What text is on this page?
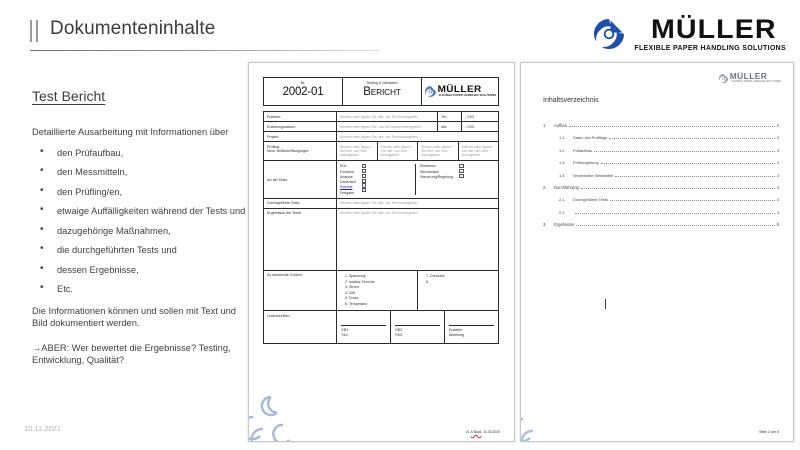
Dokumenteninhalte	MÜLLER
FLEXIBLE PAPER HANDLING SOLUTIONS
Test Bericht

Detaillierte Ausarbeitung mit Informationen über

• den Prüfaufbau,
• den Messmitteln,
• den Prüfling/en,
• etwaige Auffälligkeiten während der Tests und
• dazugehörige Maßnahmen,
• die durchgeführten Tests und
• dessen Ergebnisse,
• Etc.

Die Informationen können und sollen mit Text und Bild dokumentiert werden.

→ABER: Wer bewertet die Ergebnisse? Testing, Entwicklung, Qualität?

10.11.2021
Nr.
2002-01
Testing & Validation
BERICHT	MÜLLER
FLEXIBLE PAPER HANDLING SOLUTIONS
Ersteller:	Klicken oder tippen Sie hier, um Text einzugeben.	Tel.:	- XXX
Erstellungsdatum:	Klicken oder tippen Sie, um ein Datum einzugeben.	Abt:	- XXX
Projekt:	Klicken oder tippen Sie hier, um Text einzugeben
Prüfling:
Ident.-Nr/Beutel/Baugruppe:
Klicken oder tippen Sie hier, um Text einzugeben.
Klicken oder tippen Sie hier, um Text einzugeben.
Klicken oder tippen Sie hier, um Text einzugeben.
Klicken oder tippen Sie hier, um Text einzugeben.
Art der Tests:
EOL
Funktion
Analyse
Dauerlauf
Störtest
Freigabe
Elektrisch
Mechanisch
Steuerung/Regelung
Durchgeführte Tests:	Klicken oder tippen Sie hier, um Text einzugeben
Ergebnisse der Tests:	Klicken oder tippen Sie hier, um Text einzugeben
Zu messende Größen:	1. Spannung
2. relative Feuchte
3. Strom
4. Zeit
5. Druck
6. Temperatur
7. Drehzahl
8.
Unterschriften:
GB1
T&V
GB2
F&O
Ersteller
Abteilung
V1, S.Buck , 11.02.2020
MÜLLER
FLEXIBLE PAPER HANDLING SOLUTIONS
Inhaltsverzeichnis
1.	Aufbau	2
1.1.	Daten des Prüflings	3
1.2	Prüfaufbau	3
1.3.	Prüfumgebung	3
1.4.	Verwendete Messmittel	3
2.	Durchführung	4
2.1.	Durchgeführte Tests	4
2.2	4
3.	Ergebnisse	5
Seite 2 von 5
